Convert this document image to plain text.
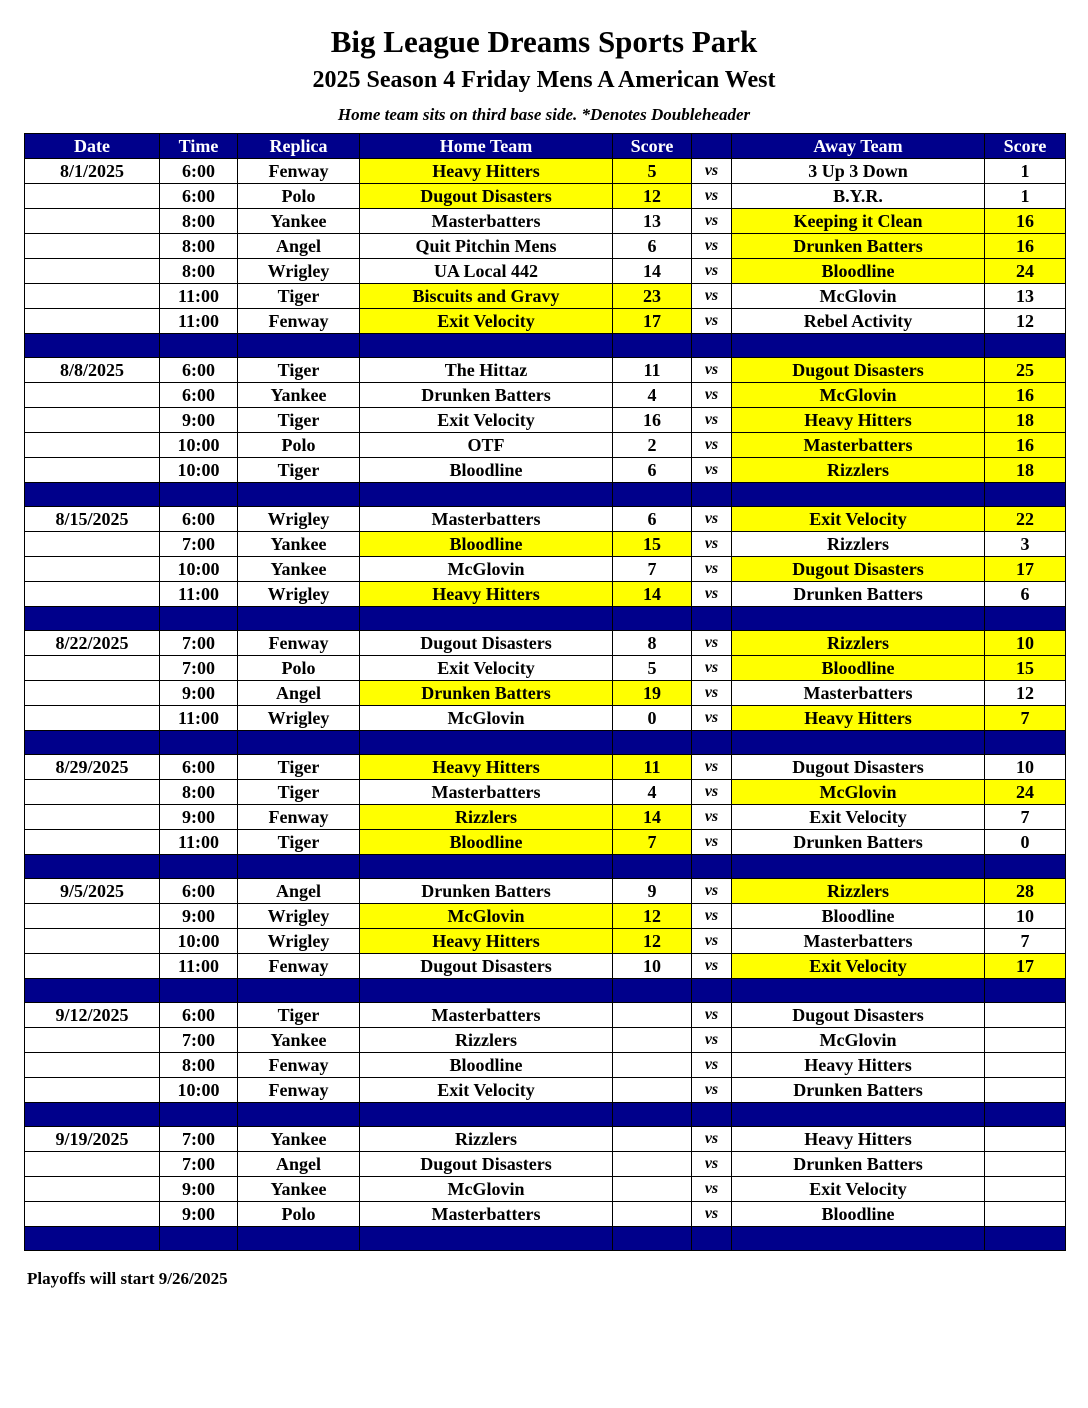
Big League Dreams Sports Park
2025 Season 4 Friday Mens A American West
Home team sits on third base side. *Denotes Doubleheader
Date	Time	Replica	Home Team	Score		Away Team	Score
8/1/2025	6:00	Fenway	Heavy Hitters	5	vs	3 Up 3 Down	1
	6:00	Polo	Dugout Disasters	12	vs	B.Y.R.	1
	8:00	Yankee	Masterbatters	13	vs	Keeping it Clean	16
	8:00	Angel	Quit Pitchin Mens	6	vs	Drunken Batters	16
	8:00	Wrigley	UA Local 442	14	vs	Bloodline	24
	11:00	Tiger	Biscuits and Gravy	23	vs	McGlovin	13
	11:00	Fenway	Exit Velocity	17	vs	Rebel Activity	12

8/8/2025	6:00	Tiger	The Hittaz	11	vs	Dugout Disasters	25
	6:00	Yankee	Drunken Batters	4	vs	McGlovin	16
	9:00	Tiger	Exit Velocity	16	vs	Heavy Hitters	18
	10:00	Polo	OTF	2	vs	Masterbatters	16
	10:00	Tiger	Bloodline	6	vs	Rizzlers	18

8/15/2025	6:00	Wrigley	Masterbatters	6	vs	Exit Velocity	22
	7:00	Yankee	Bloodline	15	vs	Rizzlers	3
	10:00	Yankee	McGlovin	7	vs	Dugout Disasters	17
	11:00	Wrigley	Heavy Hitters	14	vs	Drunken Batters	6

8/22/2025	7:00	Fenway	Dugout Disasters	8	vs	Rizzlers	10
	7:00	Polo	Exit Velocity	5	vs	Bloodline	15
	9:00	Angel	Drunken Batters	19	vs	Masterbatters	12
	11:00	Wrigley	McGlovin	0	vs	Heavy Hitters	7

8/29/2025	6:00	Tiger	Heavy Hitters	11	vs	Dugout Disasters	10
	8:00	Tiger	Masterbatters	4	vs	McGlovin	24
	9:00	Fenway	Rizzlers	14	vs	Exit Velocity	7
	11:00	Tiger	Bloodline	7	vs	Drunken Batters	0

9/5/2025	6:00	Angel	Drunken Batters	9	vs	Rizzlers	28
	9:00	Wrigley	McGlovin	12	vs	Bloodline	10
	10:00	Wrigley	Heavy Hitters	12	vs	Masterbatters	7
	11:00	Fenway	Dugout Disasters	10	vs	Exit Velocity	17

9/12/2025	6:00	Tiger	Masterbatters		vs	Dugout Disasters	
	7:00	Yankee	Rizzlers		vs	McGlovin	
	8:00	Fenway	Bloodline		vs	Heavy Hitters	
	10:00	Fenway	Exit Velocity		vs	Drunken Batters	

9/19/2025	7:00	Yankee	Rizzlers		vs	Heavy Hitters	
	7:00	Angel	Dugout Disasters		vs	Drunken Batters	
	9:00	Yankee	McGlovin		vs	Exit Velocity	
	9:00	Polo	Masterbatters		vs	Bloodline	

Playoffs will start 9/26/2025
